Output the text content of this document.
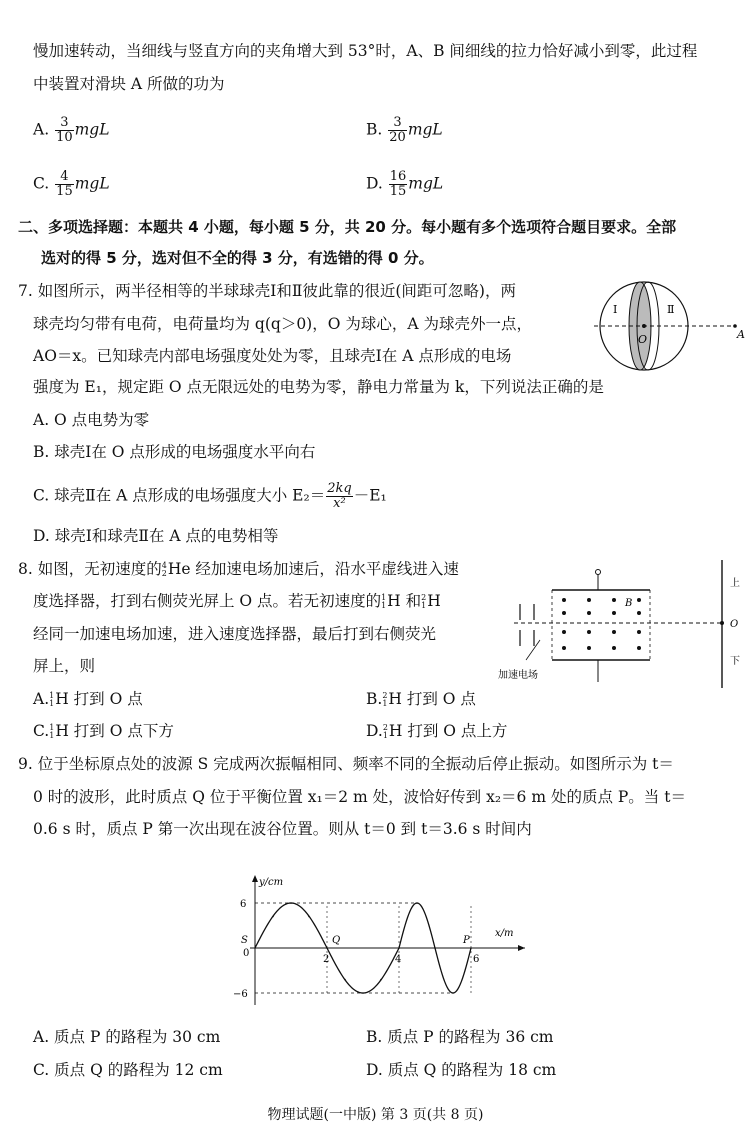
慢加速转动，当细线与竖直方向的夹角增大到 53°时，A、B 间细线的拉力恰好减小到零，此过程
中装置对滑块 A 所做的功为
A. $\frac{3}{10}$ mgL	B. $\frac{3}{20}$ mgL
C. $\frac{4}{15}$ mgL	D. $\frac{16}{15}$ mgL
二、多项选择题：本题共 4 小题，每小题 5 分，共 20 分。每小题有多个选项符合题目要求。全部
选对的得 5 分，选对但不全的得 3 分，有选错的得 0 分。
7. 如图所示，两半径相等的半球球壳Ⅰ和Ⅱ彼此靠的很近(间距可忽略)，两
球壳均匀带有电荷，电荷量均为 q(q＞0)，O 为球心，A 为球壳外一点，
AO＝x。已知球壳内部电场强度处处为零，且球壳Ⅰ在 A 点形成的电场
强度为 E₁，规定距 O 点无限远处的电势为零，静电力常量为 k，下列说法正确的是
Ⅰ	Ⅱ
O	A
A. O 点电势为零
B. 球壳Ⅰ在 O 点形成的电场强度水平向右
C. 球壳Ⅱ在 A 点形成的电场强度大小 $E_2= \frac{2kq}{\text{x²}} -E_1$
D. 球壳Ⅰ和球壳Ⅱ在 A 点的电势相等
8. 如图，无初速度的 4
2 He 经加速电场加速后，沿水平虚线进入速
度选择器，打到右侧荧光屏上 O 点。若无初速度的 1
1 H 和 2
1 H
经同一加速电场加速，进入速度选择器，最后打到右侧荧光
屏上，则
B
加速电场
上
O
下
A. 1
1 H 打到 O 点	B. 2
1 H 打到 O 点
C. 1
1 H 打到 O 点下方	D. 2
1 H 打到 O 点上方
9. 位于坐标原点处的波源 S 完成两次振幅相同、频率不同的全振动后停止振动。如图所示为 t＝
0 时的波形，此时质点 Q 位于平衡位置 x₁＝2 m 处，波恰好传到 x₂＝6 m 处的质点 P。当 t＝
0.6 s 时，质点 P 第一次出现在波谷位置。则从 t＝0 到 t＝3.6 s 时间内
y/cm
x/m
6
−6
0
2	4	6
S	Q	P
A. 质点 P 的路程为 30 cm	B. 质点 P 的路程为 36 cm
C. 质点 Q 的路程为 12 cm	D. 质点 Q 的路程为 18 cm
物理试题(一中版) 第 3 页(共 8 页)
